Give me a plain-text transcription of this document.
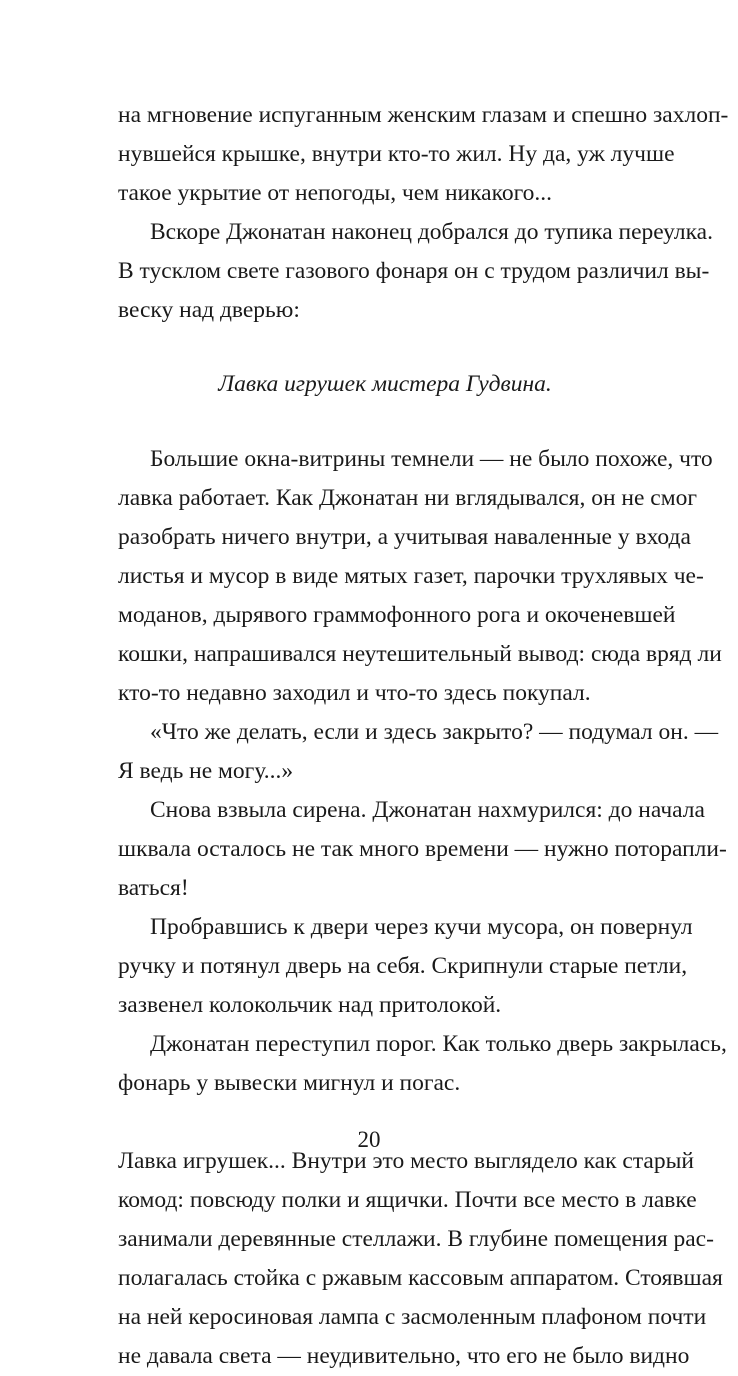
на мгновение испуганным женским глазам и спешно захлоп-
нувшейся крышке, внутри кто-то жил. Ну да, уж лучше
такое укрытие от непогоды, чем никакого...
Вскоре Джонатан наконец добрался до тупика переулка.
В тусклом свете газового фонаря он с трудом различил вы-
веску над дверью:
Лавка игрушек мистера Гудвина.
Большие окна-витрины темнели — не было похоже, что
лавка работает. Как Джонатан ни вглядывался, он не смог
разобрать ничего внутри, а учитывая наваленные у входа
листья и мусор в виде мятых газет, парочки трухлявых че-
моданов, дырявого граммофонного рога и окоченевшей
кошки, напрашивался неутешительный вывод: сюда вряд ли
кто-то недавно заходил и что-то здесь покупал.
«Что же делать, если и здесь закрыто? — подумал он. —
Я ведь не могу...»
Снова взвыла сирена. Джонатан нахмурился: до начала
шквала осталось не так много времени — нужно поторапли-
ваться!
Пробравшись к двери через кучи мусора, он повернул
ручку и потянул дверь на себя. Скрипнули старые петли,
зазвенел колокольчик над притолокой.
Джонатан переступил порог. Как только дверь закрылась,
фонарь у вывески мигнул и погас.
Лавка игрушек... Внутри это место выглядело как старый
комод: повсюду полки и ящички. Почти все место в лавке
занимали деревянные стеллажи. В глубине помещения рас-
полагалась стойка с ржавым кассовым аппаратом. Стоявшая
на ней керосиновая лампа с засмоленным плафоном почти
не давала света — неудивительно, что его не было видно
20
